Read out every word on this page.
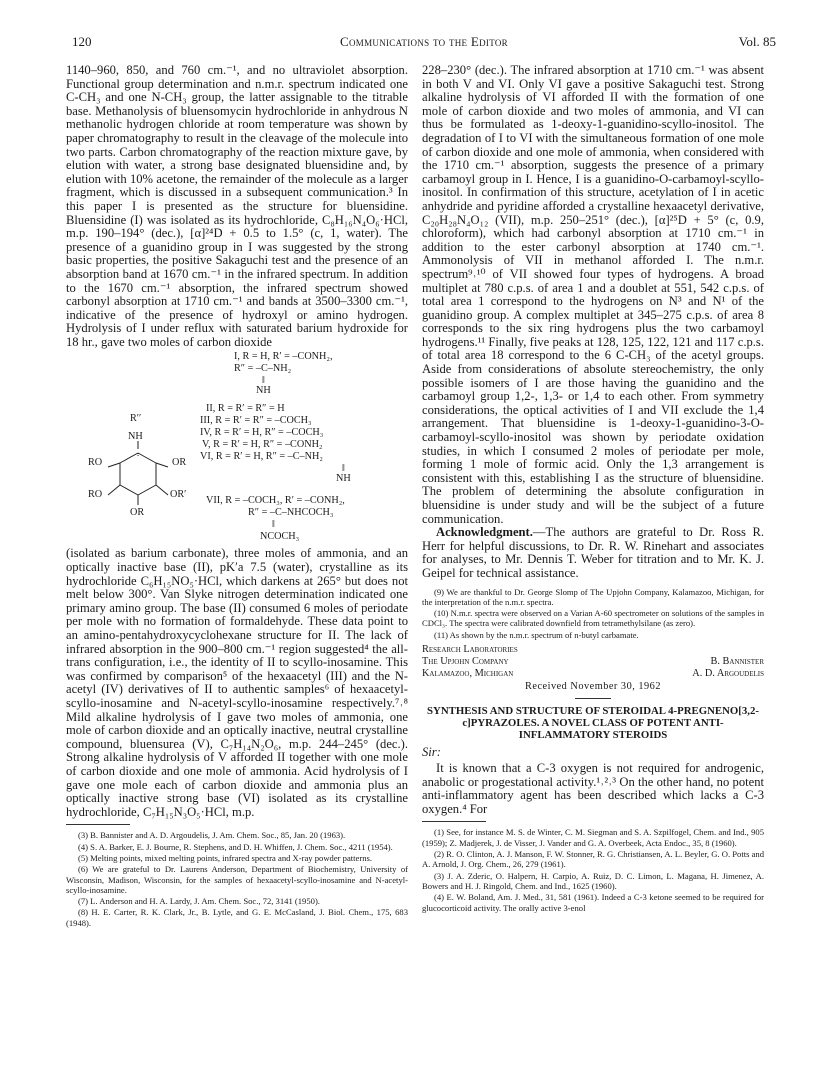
120	Communications to the Editor	Vol. 85

1140–960, 850, and 760 cm.⁻¹, and no ultraviolet absorption. Functional group determination and n.m.r. spectrum indicated one C-CH₃ and one N-CH₃ group, the latter assignable to the titrable base. Methanolysis of bluensomycin hydrochloride in anhydrous N methanolic hydrogen chloride at room temperature was shown by paper chromatography to result in the cleavage of the molecule into two parts. Carbon chromatography of the reaction mixture gave, by elution with water, a strong base designated bluensidine and, by elution with 10% acetone, the remainder of the molecule as a larger fragment, which is discussed in a subsequent communication.³ In this paper I is presented as the structure for bluensidine. Bluensidine (I) was isolated as its hydrochloride, C₈H₁₆N₄O₆·HCl, m.p. 190–194° (dec.), [α]²⁴D + 0.5 to 1.5° (c, 1, water). The presence of a guanidino group in I was suggested by the strong basic properties, the positive Sakaguchi test and the presence of an absorption band at 1670 cm.⁻¹ in the infrared spectrum. In addition to the 1670 cm.⁻¹ absorption, the infrared spectrum showed carbonyl absorption at 1710 cm.⁻¹ and bands at 3500–3300 cm.⁻¹, indicative of the presence of hydroxyl or amino hydrogen. Hydrolysis of I under reflux with saturated barium hydroxide for 18 hr., gave two moles of carbon dioxide

R′′
NH
RO	OR
RO	OR′
OR
I, R = H, R′ = –CONH₂,
R″ = –C–NH₂
‖
NH
II, R = R′ = R″ = H
III, R = R′ = R″ = –COCH₃
IV, R = R′ = H, R″ = –COCH₃
V, R = R′ = H, R″ = –CONH₂
VI, R = R′ = H, R″ = –C–NH₂
‖
NH
VII, R = –COCH₃, R′ = –CONH₂,
R″ = –C–NHCOCH₃
‖
NCOCH₃

(isolated as barium carbonate), three moles of ammonia, and an optically inactive base (II), pK′a 7.5 (water), crystalline as its hydrochloride C₆H₁₅NO₅·HCl, which darkens at 265° but does not melt below 300°. Van Slyke nitrogen determination indicated one primary amino group. The base (II) consumed 6 moles of periodate per mole with no formation of formaldehyde. These data point to an amino-pentahydroxycyclohexane structure for II. The lack of infrared absorption in the 900–800 cm.⁻¹ region suggested⁴ the all-trans configuration, i.e., the identity of II to scyllo-inosamine. This was confirmed by comparison⁵ of the hexaacetyl (III) and the N-acetyl (IV) derivatives of II to authentic samples⁶ of hexaacetyl-scyllo-inosamine and N-acetyl-scyllo-inosamine respectively.⁷˒⁸ Mild alkaline hydrolysis of I gave two moles of ammonia, one mole of carbon dioxide and an optically inactive, neutral crystalline compound, bluensurea (V), C₇H₁₄N₂O₆, m.p. 244–245° (dec.). Strong alkaline hydrolysis of V afforded II together with one mole of carbon dioxide and one mole of ammonia. Acid hydrolysis of I gave one mole each of carbon dioxide and ammonia plus an optically inactive strong base (VI) isolated as its crystalline hydrochloride, C₇H₁₅N₃O₅·HCl, m.p.

(3) B. Bannister and A. D. Argoudelis, J. Am. Chem. Soc., 85, Jan. 20 (1963).

(4) S. A. Barker, E. J. Bourne, R. Stephens, and D. H. Whiffen, J. Chem. Soc., 4211 (1954).

(5) Melting points, mixed melting points, infrared spectra and X-ray powder patterns.

(6) We are grateful to Dr. Laurens Anderson, Department of Biochemistry, University of Wisconsin, Madison, Wisconsin, for the samples of hexaacetyl-scyllo-inosamine and N-acetyl-scyllo-inosamine.

(7) L. Anderson and H. A. Lardy, J. Am. Chem. Soc., 72, 3141 (1950).

(8) H. E. Carter, R. K. Clark, Jr., B. Lytle, and G. E. McCasland, J. Biol. Chem., 175, 683 (1948).

228–230° (dec.). The infrared absorption at 1710 cm.⁻¹ was absent in both V and VI. Only VI gave a positive Sakaguchi test. Strong alkaline hydrolysis of VI afforded II with the formation of one mole of carbon dioxide and two moles of ammonia, and VI can thus be formulated as 1-deoxy-1-guanidino-scyllo-inositol. The degradation of I to VI with the simultaneous formation of one mole of carbon dioxide and one mole of ammonia, when considered with the 1710 cm.⁻¹ absorption, suggests the presence of a primary carbamoyl group in I. Hence, I is a guanidino-O-carbamoyl-scyllo-inositol. In confirmation of this structure, acetylation of I in acetic anhydride and pyridine afforded a crystalline hexaacetyl derivative, C₂₀H₂₈N₄O₁₂ (VII), m.p. 250–251° (dec.), [α]²⁵D + 5° (c, 0.9, chloroform), which had carbonyl absorption at 1710 cm.⁻¹ in addition to the ester carbonyl absorption at 1740 cm.⁻¹. Ammonolysis of VII in methanol afforded I. The n.m.r. spectrum⁹˒¹⁰ of VII showed four types of hydrogens. A broad multiplet at 780 c.p.s. of area 1 and a doublet at 551, 542 c.p.s. of total area 1 correspond to the hydrogens on N³ and N¹ of the guanidino group. A complex multiplet at 345–275 c.p.s. of area 8 corresponds to the six ring hydrogens plus the two carbamoyl hydrogens.¹¹ Finally, five peaks at 128, 125, 122, 121 and 117 c.p.s. of total area 18 correspond to the 6 C-CH₃ of the acetyl groups. Aside from considerations of absolute stereochemistry, the only possible isomers of I are those having the guanidino and the carbamoyl group 1,2-, 1,3- or 1,4 to each other. From symmetry considerations, the optical activities of I and VII exclude the 1,4 arrangement. That bluensidine is 1-deoxy-1-guanidino-3-O-carbamoyl-scyllo-inositol was shown by periodate oxidation studies, in which I consumed 2 moles of periodate per mole, forming 1 mole of formic acid. Only the 1,3 arrangement is consistent with this, establishing I as the structure of bluensidine. The problem of determining the absolute configuration in bluensidine is under study and will be the subject of a future communication.

Acknowledgment.—The authors are grateful to Dr. Ross R. Herr for helpful discussions, to Dr. R. W. Rinehart and associates for analyses, to Mr. Dennis T. Weber for titration and to Mr. K. J. Geipel for technical assistance.

(9) We are thankful to Dr. George Slomp of The Upjohn Company, Kalamazoo, Michigan, for the interpretation of the n.m.r. spectra.

(10) N.m.r. spectra were observed on a Varian A-60 spectrometer on solutions of the samples in CDCl₃. The spectra were calibrated downfield from tetramethylsilane (as zero).

(11) As shown by the n.m.r. spectrum of n-butyl carbamate.

Research Laboratories
The Upjohn Company	B. Bannister
Kalamazoo, Michigan	A. D. Argoudelis
Received November 30, 1962

SYNTHESIS AND STRUCTURE OF STEROIDAL 4-PREGNENO[3,2-c]PYRAZOLES. A NOVEL CLASS OF POTENT ANTI-INFLAMMATORY STEROIDS

Sir:

It is known that a C-3 oxygen is not required for androgenic, anabolic or progestational activity.¹˒²˒³ On the other hand, no potent anti-inflammatory agent has been described which lacks a C-3 oxygen.⁴ For

(1) See, for instance M. S. de Winter, C. M. Siegman and S. A. Szpilfogel, Chem. and Ind., 905 (1959); Z. Madjerek, J. de Visser, J. Vander and G. A. Overbeek, Acta Endoc., 35, 8 (1960).

(2) R. O. Clinton, A. J. Manson, F. W. Stonner, R. G. Christiansen, A. L. Beyler, G. O. Potts and A. Arnold, J. Org. Chem., 26, 279 (1961).

(3) J. A. Zderic, O. Halpern, H. Carpio, A. Ruiz, D. C. Limon, L. Magana, H. Jimenez, A. Bowers and H. J. Ringold, Chem. and Ind., 1625 (1960).

(4) E. W. Boland, Am. J. Med., 31, 581 (1961). Indeed a C-3 ketone seemed to be required for glucocorticoid activity. The orally active 3-enol
